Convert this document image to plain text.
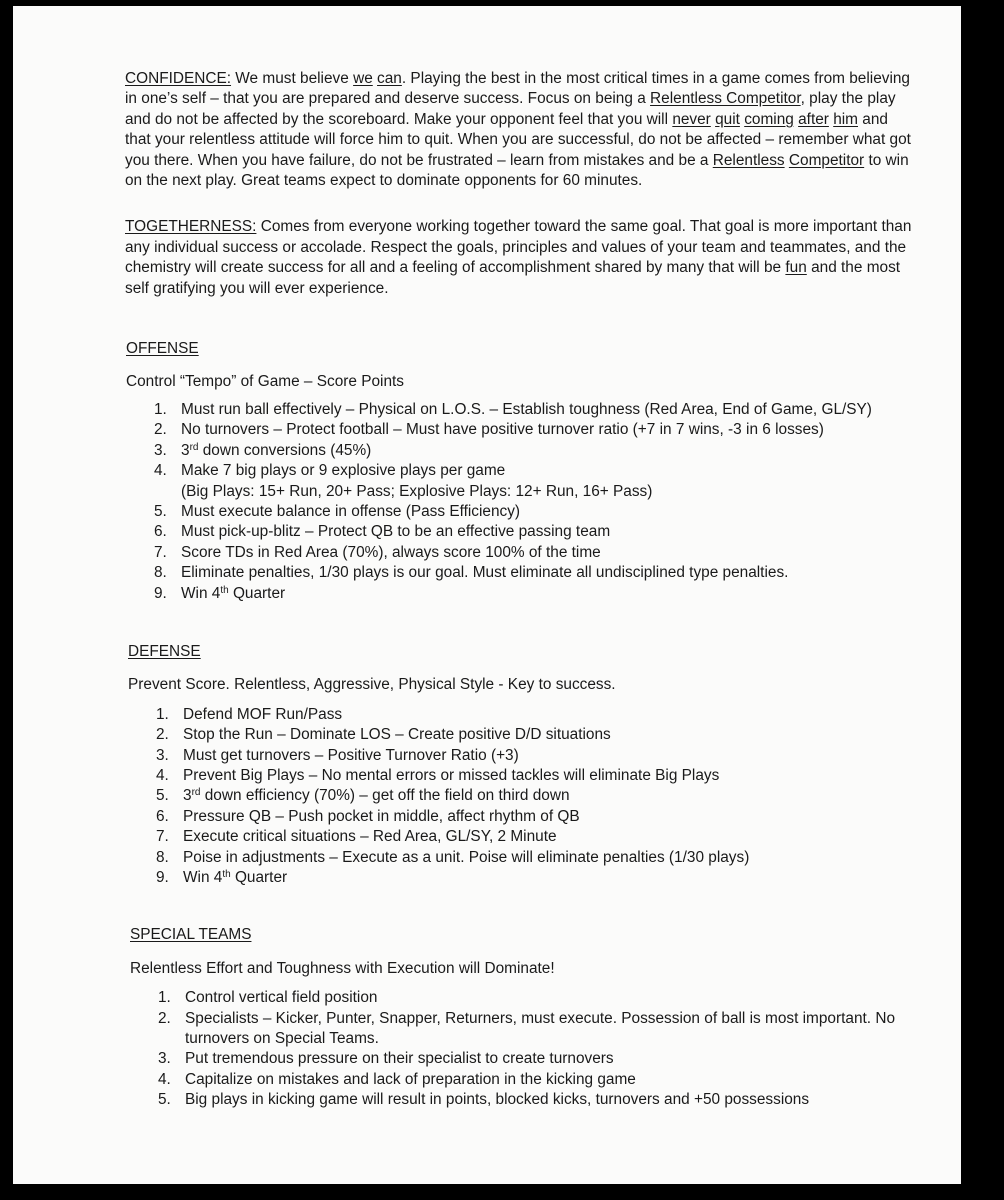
CONFIDENCE: We must believe we can. Playing the best in the most critical times in a game comes from believing in one’s self – that you are prepared and deserve success. Focus on being a Relentless Competitor, play the play and do not be affected by the scoreboard. Make your opponent feel that you will never quit coming after him and that your relentless attitude will force him to quit. When you are successful, do not be affected – remember what got you there. When you have failure, do not be frustrated – learn from mistakes and be a Relentless Competitor to win on the next play. Great teams expect to dominate opponents for 60 minutes.

TOGETHERNESS: Comes from everyone working together toward the same goal. That goal is more important than any individual success or accolade. Respect the goals, principles and values of your team and teammates, and the chemistry will create success for all and a feeling of accomplishment shared by many that will be fun and the most self gratifying you will ever experience.

OFFENSE

Control “Tempo” of Game – Score Points

1. Must run ball effectively – Physical on L.O.S. – Establish toughness (Red Area, End of Game, GL/SY)
2. No turnovers – Protect football – Must have positive turnover ratio (+7 in 7 wins, -3 in 6 losses)
3. 3rd down conversions (45%)
4. Make 7 big plays or 9 explosive plays per game
(Big Plays: 15+ Run, 20+ Pass; Explosive Plays: 12+ Run, 16+ Pass)
5. Must execute balance in offense (Pass Efficiency)
6. Must pick-up-blitz – Protect QB to be an effective passing team
7. Score TDs in Red Area (70%), always score 100% of the time
8. Eliminate penalties, 1/30 plays is our goal. Must eliminate all undisciplined type penalties.
9. Win 4th Quarter

DEFENSE

Prevent Score. Relentless, Aggressive, Physical Style - Key to success.

1. Defend MOF Run/Pass
2. Stop the Run – Dominate LOS – Create positive D/D situations
3. Must get turnovers – Positive Turnover Ratio (+3)
4. Prevent Big Plays – No mental errors or missed tackles will eliminate Big Plays
5. 3rd down efficiency (70%) – get off the field on third down
6. Pressure QB – Push pocket in middle, affect rhythm of QB
7. Execute critical situations – Red Area, GL/SY, 2 Minute
8. Poise in adjustments – Execute as a unit. Poise will eliminate penalties (1/30 plays)
9. Win 4th Quarter

SPECIAL TEAMS

Relentless Effort and Toughness with Execution will Dominate!

1. Control vertical field position
2. Specialists – Kicker, Punter, Snapper, Returners, must execute. Possession of ball is most important. No turnovers on Special Teams.
3. Put tremendous pressure on their specialist to create turnovers
4. Capitalize on mistakes and lack of preparation in the kicking game
5. Big plays in kicking game will result in points, blocked kicks, turnovers and +50 possessions
